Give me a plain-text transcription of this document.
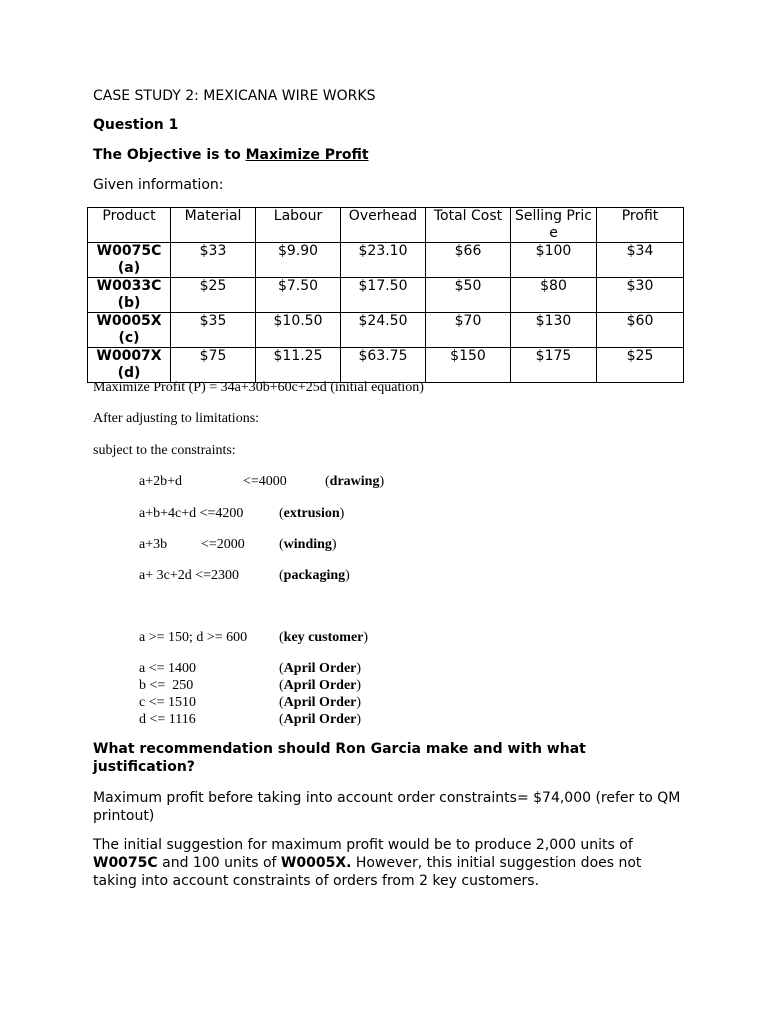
CASE STUDY 2: MEXICANA WIRE WORKS
Question 1
The Objective is to Maximize Profit
Given information:
Product	Material	Labour	Overhead	Total Cost	Selling Price	Profit
W0075C (a)	$33	$9.90	$23.10	$66	$100	$34
W0033C (b)	$25	$7.50	$17.50	$50	$80	$30
W0005X (c)	$35	$10.50	$24.50	$70	$130	$60
W0007X (d)	$75	$11.25	$63.75	$150	$175	$25
Maximize Profit (P) = 34a+30b+60c+25d (initial equation)
After adjusting to limitations:
subject to the constraints:
a+2b+d	<=4000	(drawing)
a+b+4c+d <=4200	(extrusion)
a+3b <=2000 (winding)
a+ 3c+2d <=2300	(packaging)
a >= 150; d >= 600 (key customer)
a <= 1400	(April Order)
b <=  250	(April Order)
c <= 1510	(April Order)
d <= 1116	(April Order)
What recommendation should Ron Garcia make and with what justification?
Maximum profit before taking into account order constraints= $74,000 (refer to QM printout)
The initial suggestion for maximum profit would be to produce 2,000 units of W0075C and 100 units of W0005X. However, this initial suggestion does not taking into account constraints of orders from 2 key customers.
